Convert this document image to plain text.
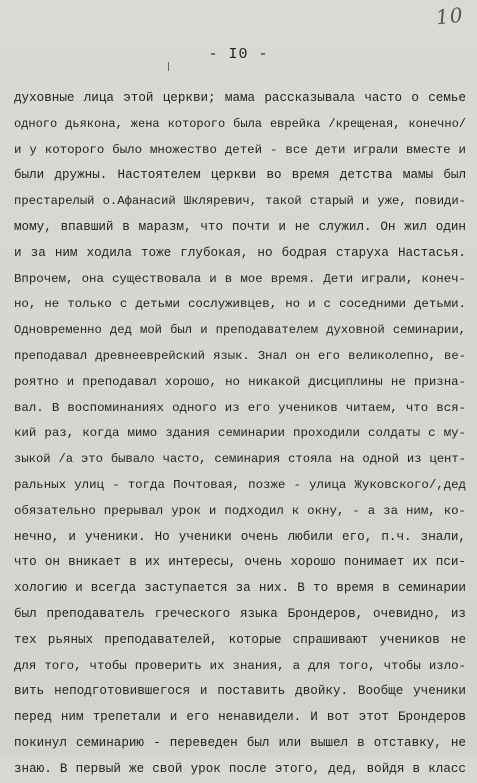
10
- I0 -
духовные лица этой церкви; мама рассказывала часто о семье
одного дьякона, жена которого была еврейка /крещеная, конечно/
и у которого было множество детей - все дети играли вместе и
были дружны. Настоятелем церкви во время детства мамы был
престарелый о.Афанасий Шкляревич, такой старый и уже, повиди-
мому, впавший в маразм, что почти и не служил. Он жил один
и за ним ходила тоже глубокая, но бодрая старуха Настасья.
Впрочем, она существовала и в мое время. Дети играли, конеч-
но, не только с детьми сослуживцев, но и с соседними детьми.
Одновременно дед мой был и преподавателем духовной семинарии,
преподавал древнееврейский язык. Знал он его великолепно, ве-
роятно и преподавал хорошо, но никакой дисциплины не призна-
вал. В воспоминаниях одного из его учеников читаем, что вся-
кий раз, когда мимо здания семинарии проходили солдаты с му-
зыкой /а это бывало часто, семинария стояла на одной из цент-
ральных улиц - тогда Почтовая, позже - улица Жуковского/,дед
обязательно прерывал урок и подходил к окну, - а за ним, ко-
нечно, и ученики. Но ученики очень любили его, п.ч. знали,
что он вникает в их интересы, очень хорошо понимает их пси-
хологию и всегда заступается за них. В то время в семинарии
был преподаватель греческого языка Брондеров, очевидно, из
тех рьяных преподавателей, которые спрашивают учеников не
для того, чтобы проверить их знания, а для того, чтобы изло-
вить неподготовившегося и поставить двойку. Вообще ученики
перед ним трепетали и его ненавидели. И вот этот Брондеров
покинул семинарию - переведен был или вышел в отставку, не
знаю. В первый же свой урок после этого, дед, войдя в класс
